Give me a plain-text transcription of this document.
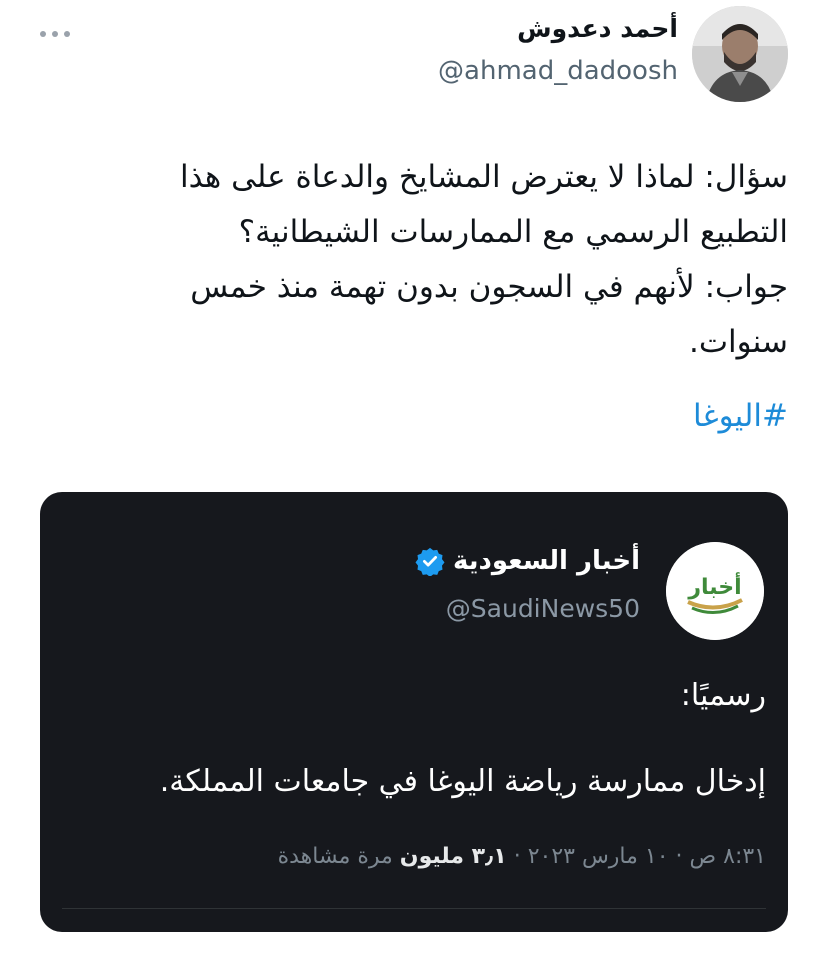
أحمد دعدوش
@ahmad_dadoosh

سؤال: لماذا لا يعترض المشايخ والدعاة على هذا

التطبيع الرسمي مع الممارسات الشيطانية؟

جواب: لأنهم في السجون بدون تهمة منذ خمس

سنوات.

#اليوغا
أخبار
أخبار السعودية
@SaudiNews50
رسميًا:
إدخال ممارسة رياضة اليوغا في جامعات المملكة.
٨:٣١ ص · ١٠ مارس ٢٠٢٣ · ٣٫١ مليون مرة مشاهدة
